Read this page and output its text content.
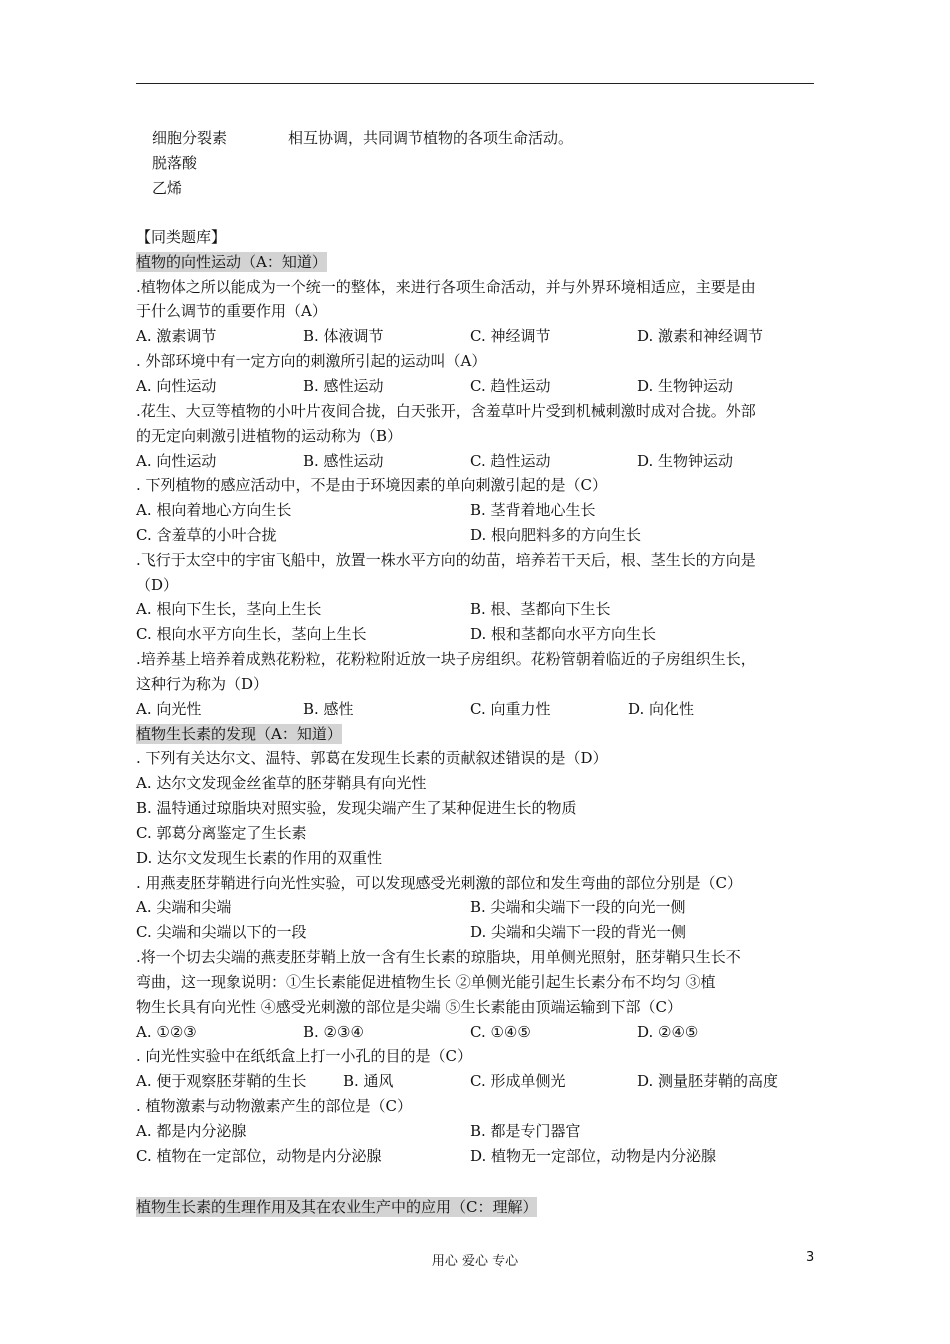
细胞分裂素	相互协调，共同调节植物的各项生命活动。
脱落酸
乙烯
【同类题库】
植物的向性运动（A：知道）
.植物体之所以能成为一个统一的整体，来进行各项生命活动，并与外界环境相适应，主要是由
于什么调节的重要作用（A）
A. 激素调节	B. 体液调节	C. 神经调节	D. 激素和神经调节
. 外部环境中有一定方向的刺激所引起的运动叫（A）
A. 向性运动	B. 感性运动	C. 趋性运动	D. 生物钟运动
.花生、大豆等植物的小叶片夜间合拢，白天张开，含羞草叶片受到机械刺激时成对合拢。外部
的无定向刺激引进植物的运动称为（B）
A. 向性运动	B. 感性运动	C. 趋性运动	D. 生物钟运动
. 下列植物的感应活动中，不是由于环境因素的单向刺激引起的是（C）
A. 根向着地心方向生长	B. 茎背着地心生长
C. 含羞草的小叶合拢	D. 根向肥料多的方向生长
.飞行于太空中的宇宙飞船中，放置一株水平方向的幼苗，培养若干天后，根、茎生长的方向是
（D）
A. 根向下生长，茎向上生长	B. 根、茎都向下生长
C. 根向水平方向生长，茎向上生长	D. 根和茎都向水平方向生长
.培养基上培养着成熟花粉粒，花粉粒附近放一块子房组织。花粉管朝着临近的子房组织生长，
这种行为称为（D）
A. 向光性	B. 感性	C. 向重力性	D. 向化性
植物生长素的发现（A：知道）
. 下列有关达尔文、温特、郭葛在发现生长素的贡献叙述错误的是（D）
A. 达尔文发现金丝雀草的胚芽鞘具有向光性
B. 温特通过琼脂块对照实验，发现尖端产生了某种促进生长的物质
C. 郭葛分离鉴定了生长素
D. 达尔文发现生长素的作用的双重性
. 用燕麦胚芽鞘进行向光性实验，可以发现感受光刺激的部位和发生弯曲的部位分别是（C）
A. 尖端和尖端	B. 尖端和尖端下一段的向光一侧
C. 尖端和尖端以下的一段	D. 尖端和尖端下一段的背光一侧
.将一个切去尖端的燕麦胚芽鞘上放一含有生长素的琼脂块，用单侧光照射，胚芽鞘只生长不
弯曲，这一现象说明：①生长素能促进植物生长 ②单侧光能引起生长素分布不均匀 ③植
物生长具有向光性 ④感受光刺激的部位是尖端 ⑤生长素能由顶端运输到下部（C）
A. ①②③	B. ②③④	C. ①④⑤	D. ②④⑤
. 向光性实验中在纸纸盒上打一小孔的目的是（C）
A. 便于观察胚芽鞘的生长 B. 通风	C. 形成单侧光	D. 测量胚芽鞘的高度
. 植物激素与动物激素产生的部位是（C）
A. 都是内分泌腺	B. 都是专门器官
C. 植物在一定部位，动物是内分泌腺	D. 植物无一定部位，动物是内分泌腺
植物生长素的生理作用及其在农业生产中的应用（C：理解）
用心 爱心 专心	3
